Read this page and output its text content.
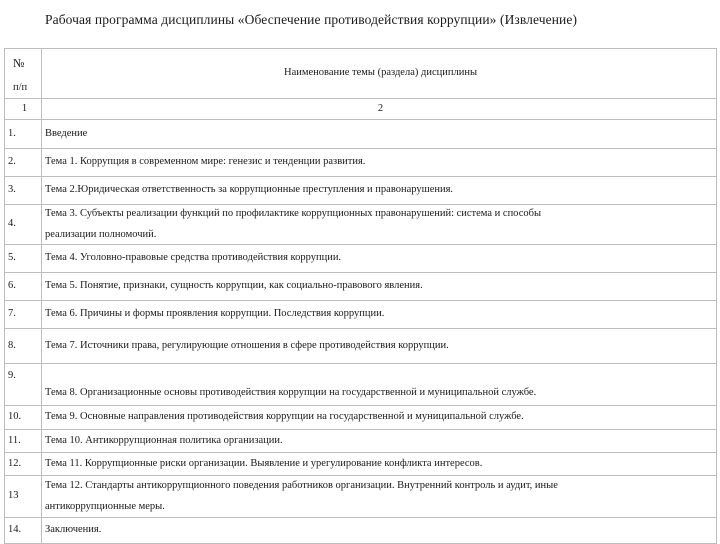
Рабочая программа дисциплины «Обеспечение противодействия коррупции» (Извлечение)
№
п/п	Наименование темы (раздела) дисциплины
1	2
1.	Введение
2.	Тема 1. Коррупция в современном мире: генезис и тенденции развития.
3.	Тема 2.Юридическая ответственность за коррупционные преступления и правонарушения.
4.	Тема 3. Субъекты реализации функций по профилактике коррупционных правонарушений: система и способы
реализации полномочий.

5.	Тема 4. Уголовно-правовые средства противодействия коррупции.
6.	Тема 5. Понятие, признаки, сущность коррупции, как социально-правового явления.
7.	Тема 6. Причины и формы проявления коррупции. Последствия коррупции.
8.	Тема 7. Источники права, регулирующие отношения в сфере противодействия коррупции.
9.	Тема 8. Организационные основы противодействия коррупции на государственной и муниципальной службе.
10.	Тема 9. Основные направления противодействия коррупции на государственной и муниципальной службе.
11.	Тема 10. Антикоррупционная политика организации.
12.	Тема 11. Коррупционные риски организации. Выявление и урегулирование конфликта интересов.
13	Тема 12. Стандарты антикоррупционного поведения работников организации. Внутренний контроль и аудит, иные
антикоррупционные меры.

14.	Заключения.
